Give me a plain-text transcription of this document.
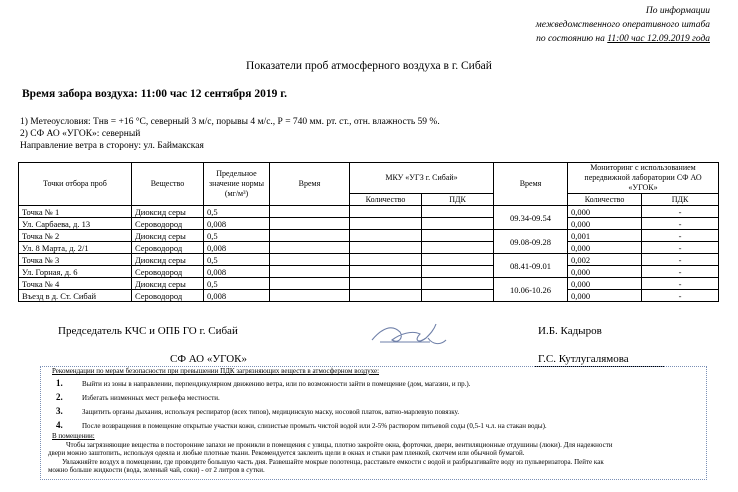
По информации
межведомственного оперативного штаба
по состоянию на 11:00 час 12.09.2019 года
Показатели проб атмосферного воздуха в г. Сибай
Время забора воздуха: 11:00 час 12 сентября 2019 г.
1) Метеоусловия: Тнв = +16 °С, северный 3 м/с, порывы 4 м/с., Р = 740 мм. рт. ст., отн. влажность 59 %.
2) СФ АО «УГОК»: северный
Направление ветра в сторону: ул. Баймакская
Точки отбора проб	Вещество	Предельное значение нормы (мг/м³)	Время	МКУ «УГЗ г. Сибай»		Время	Мониторинг с использованием передвижной лаборатории СФ АО «УГОК»	
				Количество	ПДК		Количество	ПДК
Точка № 1	Диоксид серы	0,5				09.34-09.54	0,000	-
Ул. Сарбаева, д. 13	Сероводород	0,008					0,000	-
Точка № 2	Диоксид серы	0,5				09.08-09.28	0,001	-
Ул. 8 Марта, д. 2/1	Сероводород	0,008					0,000	-
Точка № 3	Диоксид серы	0,5				08.41-09.01	0,002	-
Ул. Горная, д. 6	Сероводород	0,008					0,000	-
Точка № 4	Диоксид серы	0,5				10.06-10.26	0,000	-
Въезд в д. Ст. Сибай	Сероводород	0,008					0,000	-
Председатель КЧС и ОПБ ГО г. Сибай
СФ АО «УГОК»
И.Б. Кадыров
Г.С. Кутлугалямова
Рекомендации по мерам безопасности при превышении ПДК загрязняющих веществ в атмосферном воздухе:
1.	Выйти из зоны в направлении, перпендикулярном движению ветра, или по возможности зайти в помещение (дом, магазин, и пр.).
2.	Избегать низменных мест рельефа местности.
3.	Защитить органы дыхания, используя респиратор (всех типов), медицинскую маску, носовой платок, ватно-марлевую повязку.
4.	После возвращения в помещение открытые участки кожи, слизистые промыть чистой водой или 2-5% раствором питьевой соды (0,5-1 ч.л. на стакан воды).
В помещении:
Чтобы загрязняющие вещества в посторонние запахи не проникли в помещения с улицы, плотно закройте окна, форточки, двери, вентиляционные отдушины (люки). Для надежности
двери можно заштопить, используя одеяла и любые плотные ткани. Рекомендуется заклеить щели в окнах и стыки рам пленкой, скотчем или обычной бумагой.
Увлажняйте воздух в помещении, где проводите большую часть дня. Развешайте мокрые полотенца, расставьте емкости с водой и разбрызгивайте воду из пульверизатора. Пейте как
можно больше жидкости (вода, зеленый чай, соки) - от 2 литров в сутки.
